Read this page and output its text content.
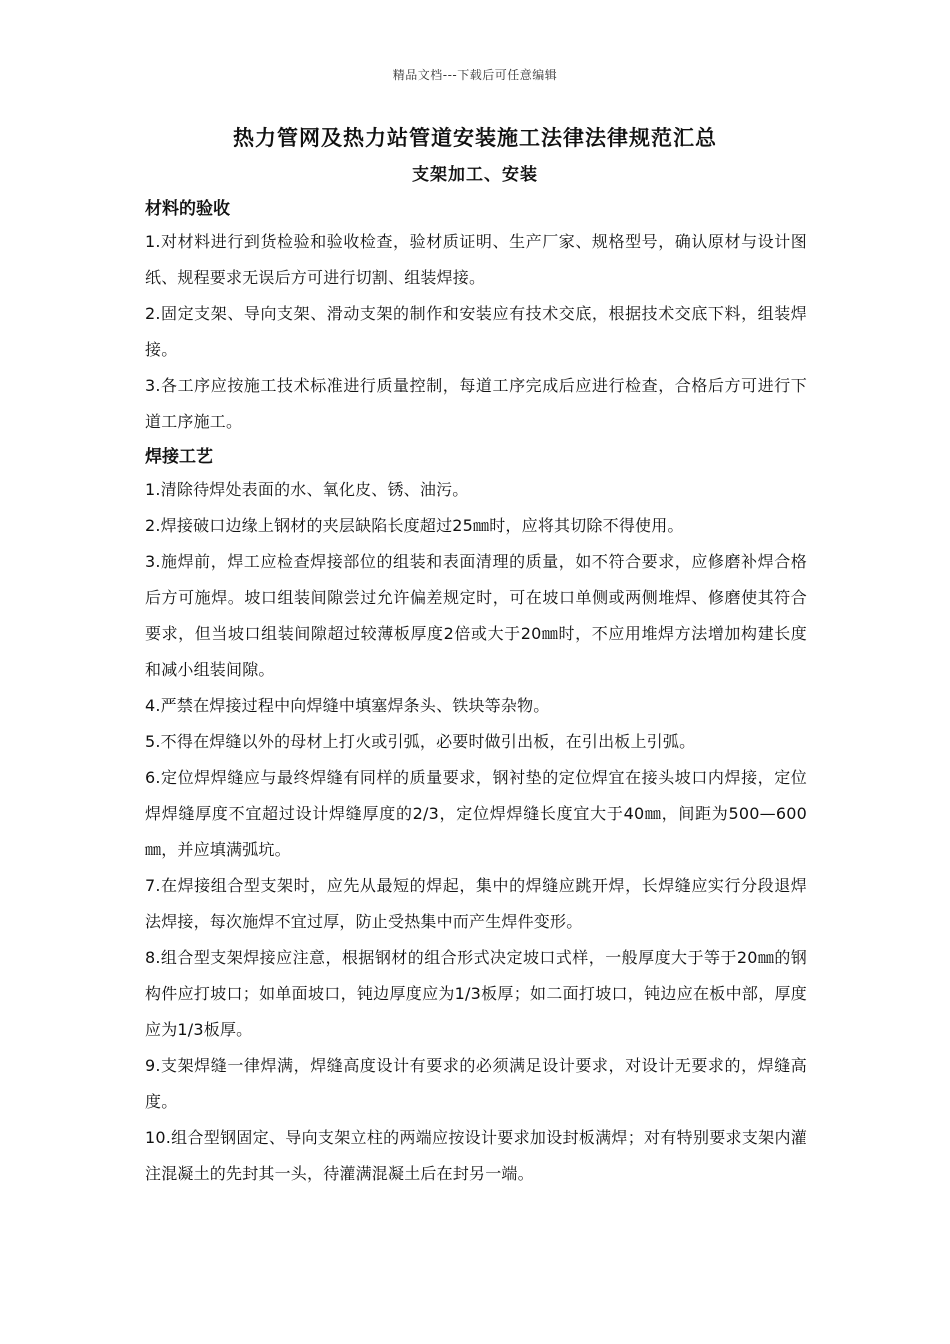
精品文档---下载后可任意编辑
热力管网及热力站管道安装施工法律法律规范汇总
支架加工、安装

材料的验收

1.对材料进行到货检验和验收检查，验材质证明、生产厂家、规格型号，确认原材与设计图纸、规程要求无误后方可进行切割、组装焊接。

2.固定支架、导向支架、滑动支架的制作和安装应有技术交底，根据技术交底下料，组装焊接。

3.各工序应按施工技术标准进行质量控制，每道工序完成后应进行检查，合格后方可进行下道工序施工。

焊接工艺

1.清除待焊处表面的水、氧化皮、锈、油污。

2.焊接破口边缘上钢材的夹层缺陷长度超过25㎜时，应将其切除不得使用。

3.施焊前，焊工应检查焊接部位的组装和表面清理的质量，如不符合要求，应修磨补焊合格后方可施焊。坡口组装间隙尝过允许偏差规定时，可在坡口单侧或两侧堆焊、修磨使其符合要求，但当坡口组装间隙超过较薄板厚度2倍或大于20㎜时，不应用堆焊方法增加构建长度和减小组装间隙。

4.严禁在焊接过程中向焊缝中填塞焊条头、铁块等杂物。

5.不得在焊缝以外的母材上打火或引弧，必要时做引出板，在引出板上引弧。

6.定位焊焊缝应与最终焊缝有同样的质量要求，钢衬垫的定位焊宜在接头坡口内焊接，定位焊焊缝厚度不宜超过设计焊缝厚度的2/3，定位焊焊缝长度宜大于40㎜，间距为500—600㎜，并应填满弧坑。

7.在焊接组合型支架时，应先从最短的焊起，集中的焊缝应跳开焊，长焊缝应实行分段退焊法焊接，每次施焊不宜过厚，防止受热集中而产生焊件变形。

8.组合型支架焊接应注意，根据钢材的组合形式决定坡口式样，一般厚度大于等于20㎜的钢构件应打坡口；如单面坡口，钝边厚度应为1/3板厚；如二面打坡口，钝边应在板中部，厚度应为1/3板厚。

9.支架焊缝一律焊满，焊缝高度设计有要求的必须满足设计要求，对设计无要求的，焊缝高度。

10.组合型钢固定、导向支架立柱的两端应按设计要求加设封板满焊；对有特别要求支架内灌注混凝土的先封其一头，待灌满混凝土后在封另一端。
